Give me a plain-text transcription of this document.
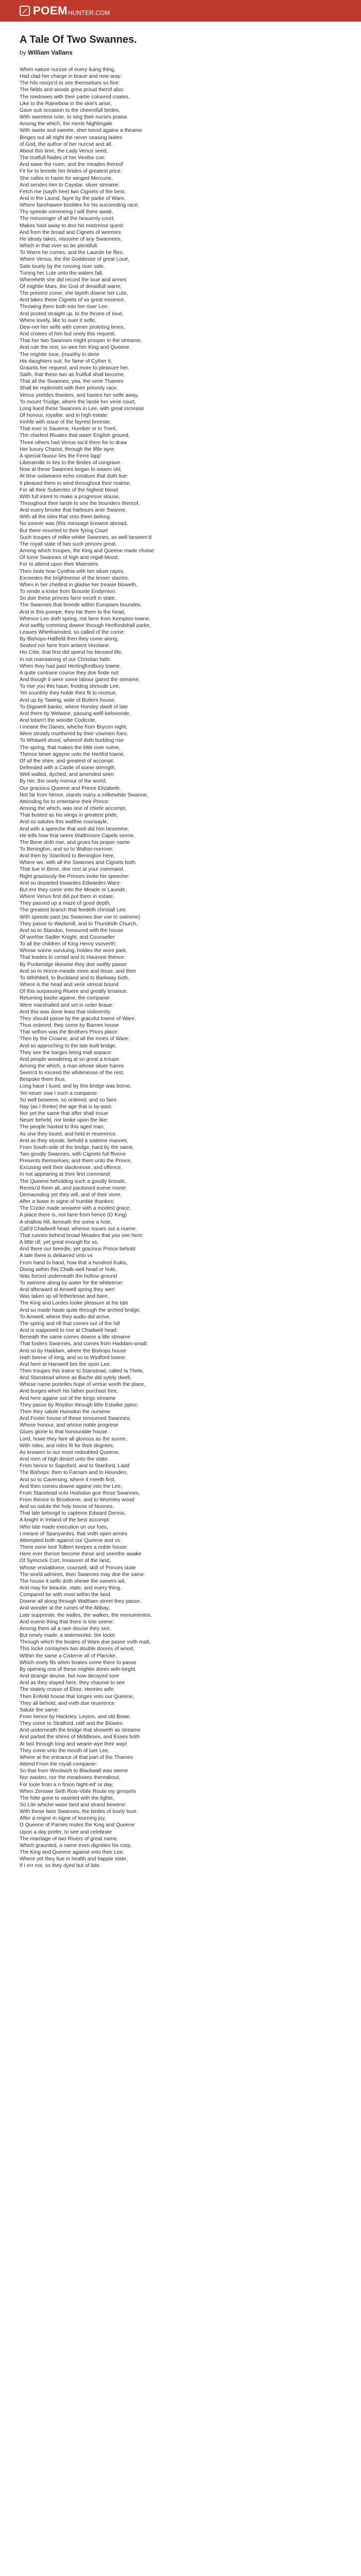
POEM HUNTER.COM
A Tale Of Two Swannes.
by William Vallans
When nature nursse of euery liuing thing,
Had clad her charge in braue and new aray:
The hils reioys'd to see themselues so fine:
The fields and woods grew proud therof also:
The medowes with their partie coloured coates,
Like to the Rainebow in the skie's arise,
Gave suit occasion to the cheerefull birdes,
With sweetest note, to sing their nurses praise.
Among the which, the merie Nightingale
With swete and sweete, sher tonnd againe a theame
Binges out all night the never ceasing laides
of God, the author of her nurcse and all.
About this time, the Lady Venus seed,
The truitfull Nailes of her Vesthe cue:
And sawe the riuen, and the meades thereof
Fit for to breede her brides of greatest price.
She calles in haste for winged Mercurie,
And sendes him to Caystar, siluer streame:
Fetch me (sayth hee) two Cignets of the best,
And in the Laund, fayre by the parke of Ware,
Where fairehawee booldes for his succeeding race,
Thy speede commeing I will there await,
The messenger of all the heauenly court,
Makes hast away to doo his mistresse quest:
And from the broad and Cignets of weemes
He ideaty takes, nisoome of any Swannees,
Which in that river so be plentifull.
To Warre he comes, and the Launde he flies,
Where Venus, the the Goddesse of great Loue,
Sate louely by the running riuer side,
Tuning her Lute unto the waters fall,
Whereheth she did record the loue and armes
Of mightie Mars, the God of dreadfull warre,
The present come, she layeth downe her Lute,
And takes these Cignets of so great essence,
Throwing them both into her riuer Lee:
And posted straight up, to the throne of Ioue,
Where lovely, like to ouer it selfe,
Dew-net her selfe with corner proleting times,
And crowes of him but onely this request,
That her two Swannes might prosper in the streame,
And rule the rest, so wee her King and Queene.
The mightie Ioue, (muethy in derie
His daughters suit, for fame of Cyther it,
Graunts her request; and more to pleasure her,
Saith, that these two as fruitfull shall become,
That all the Swannes, yea, the verie Thames
Shall be replenisht with their princely race.
Venus yeeldes thankes, and hastes her selfe away,
To mount Trudge, where the lande her verie court,
Long liued these Swannes in Lee, with great increase
Of honour, royaltie, and in high estate:
Innhfe with issue of the fayrest breeste,
That ever in Sauerne, Humber or in Trent,
The chiefest Riuales that water English ground,
Three others had Venus six'd them for to draw
Her luxury Chariot, through the liftle ayre.
A special fauour lies the Ferre lapp'
Liberamille to lies to the Brides of congrave.
Now at these Swannes began to waxen old,
At time outweares echo creature that doth liue:
It pleased them to wind throughout their realme,
For all their Subiectes of the highest blood.
With full intent to make a progresse slouse,
Throughout their lande to see the bounders thereof,
And euery brooke that harbours anie Swanne,
With all the isles that vnto them belong.
No sooner was (this message knowne abroad,
But there resorted to their fyring Court
Such troupes of milke-whitie Swannes, as well beseem'd
The royall state of two such princes great.
Among which troupes, the King and Queene made choise
Of tome Swannes of high and regall blood,
For to attend upon their Maiesties.
Then loote how Cynthia with her siluer rayes,
Exceedes the brightnesse of the lesser starres,
When in her cheifest in gladse her treasie bloweth,
To rende a knise from Brounte Endymion:
So doe these princes farre excell in state,
The Swannes that breede within Europaes boundes:
And in this pompe, they hie them to the head,
Whence Lee doth spring, not farre from Kempton towne,
And swiftly comming downe through Hertfordshall parke,
Leaues Whethamsted, so called of the corne:
By Bishops-Hatfield then they come along,
Seated not farre from antient Verolane:
His Citie, that first did spend his blessed life,
In not maintaining of our Christian faith:
When they had past Hertingfordbury towne,
A quite contrarie course they doe finde out:
And though it were some labour gainst the streame,
To rise you this haue, fnoding shroude Lee,
Yet sounthly they holde their fit to receiue,
And up by Tawing, wide of Butlers house,
To Digswell banke, where Horsley dwelt of late
And there by Welwine, passing welll belovende,
And totam't the woodie Codicote,
I meane the Danes, whiche from Brycen night,
Were strowly murthered by their vowmen foes:
To Whitwell shoot, whereof doth burbling rise
The spring, that makes the little river ruime,
Thence bewe agayne unto the Hertfrd towne,
Of all the shire, and greatest of accompt:
Defended with a Castle of some strength,
Well walled, dyched, and amended seen
By her, the onely mirrour of the world,
Our gracious Queene and Prince Elizabeth.
Not far from hence, standv many a milkewhite Swanne,
Attending for to entertaine their Prince:
Among the which, was one of chiefe accompt,
That busted as his wings in greatest pride,
And so salutes this watthie counsayle,
And with a speeche that well did him beseeme,
He tells how that neere Walthmore Capels seene,
The Bene doth rise, and grues his proper name
To Benington, and so to Walton-nurrove:
And then by Stamford to Benington here,
Where we, with all the Swannes and Cignets both,
That liue in Bene, doe rest at your command.
Right graciously the Princes invite his speeche:
And so departed towardes Edwardes Ware:
But ere they come vnto the Meade or Launde,
Where Venus first did put them in estate,
They passed up a maze of good depth,
The greatest branch that feedeth christall Lee:
With speede past (as Swannes doe vse to swimme)
They passe to Wadsmill, and to Thundridh Church,
And so to Standon, honoured with the house
Of worthie Sadler Knight, and Counseller
To all the children of King Henry vsoverth:
Whose sonne surviuing, holdes the wore park,
That leades to certad and to Haurone thence:
By Puckeridge likewise they doe swiftly passe:
And so to Horne-meade more and lesse, and then
To Whithbell, to Buckland and to Barkway both,
Where is the head and verie utmost bound
Of this surpassing Riuere and greatly tenance.
Returning backe againe, the companie
Were marshalled and set in order braue:
And this was done least that violorently
They should passe by the gracelul towne of Ware.
Thus ordered, they come by Barnes house
That selfom was the Brothers Priors place:
Then by the Crowne, and all the Innes of Ware:
And so approching to the late built bridge,
They see the barges lieing mall aspace:
And people wondering at so great a troupe:
Among the which, a man whose siluer haires
Seem'd to exceed the whitenesse of the rest,
Bespoke them thus.
Long haue I liued, and by this bridge was borne,
Yet neuer saw I such a companie:
So well beseene, so ordered, and so faire.
Nay (as I thinke) the age that is by-past,
Nor yet the same that after shall insue
Neuer beheld, nor looke upon the like:
The people hasted to this aged man,
As one they loued, and held in reuerence.
And as they stoode, behold a sodeine manner,
From South-side of the bridge, hard by the same,
Two goodly Swannes, with Cignets full ffivene
Presents themselues, and them unto the Prince,
Excusing well their slacknesse, and offence,
In not appearing at their first command:
The Queene beholding such a goodly broode,
Receiu'd them all, and pardoned eueve mone:
Demaunding yet they will, and of their store.
After a bowe in signe of humble thankes:
The Cocke made answere with a modest grace,
A place there is, not farre from hence (O King)
A shallow hill, beneath the some a hole,
Call'd Chadwell head, whence issues out a riuerie,
That runnes behind broad Meades that you see here:
A little rill, yet great enough for vs,
And there our breedle, yet gracious Prince behold
A tale there is deliuered vnto vs
From hand to hand, how that a hundred Kukis,
Dixing within this Chalk-well head or hole,
Was forced underneath the hollow ground
To swimme along by water for the whiteerse:
And afterward at Amwell spring they wer!
Was taken vp all fetherlesse and bare.
The King and Lordes tooke pleasure at his tale
And so made haste quite through the arched bridge,
To Amwell, where they audio did arrive.
The spring and rill that comes out of the hill
And is supposed to rise at Chadwell head:
Beneath the same comes downe a litle streame
That fosters Swannes, and comes from Haddam-small:
And so by Haddam, where the Bishops house
Hath beene of long, and so to Wydford towne
And here at Hamwell lies the vpon Lee.
Then troupes this traine to Stanstead, called la Thele,
And Stanstead where as Bache did sytely dwell,
Whose name portelles hope of vertue worth the place,
And burges which his father purchast free,
And here againe out of the kings streame
They passe by Roydon through little Estwike ppinc:
Then they salute Hunsdon the nursene
And Foster house of these renoumed Swannes:
Whose honour, and whose noble progrese
Giues glorie to that honourable house.
Lord, howe they fare all glorious as the sunne,
With rides, and rides fit for their degrees,
As knowen to our most redoubted Queene,
And men of high desert unto the state:
From hence to Sapsford, and to Stanford, Ladd
The Bishops: then to Farnam and to Hounden,
And so to Caversing, where it meeth first,
And then comes downe againe into the Lee,
From Stanstead vnto Hodsdon goe these Swannes,
From thence to Broxborne, and to Wormley wood
And so salute the holy house of Nunnes,
That late belongd to capteine Edward Dennis,
A knight in Ireland of the best accompt:
Who late made execution on our foes,
I meane of Spanyardes, that vnith open armes
Attempted both against our Queene and vs:
There none lord Tolbert keepes a noble house:
Here ever thence become these and seeethe awake
Of Symcock Cort, treasorer of the land,
Whose vnstablome, counsell, skill of Princes state
The world admires, then Swannes may doe the same:
The house it selfe doth shewe the owners wit,
And may for beautie, state, and euery thing,
Compared be with most within the land.
Downe all along through Waltham street they passe,
And wonder at the ruines of the Abbay,
Late suppreste, the walles, the walkes, the monumentes,
And euerie thing that there is lote seene:
Among them all a rare deuise they see,
But newly made, a waterworke: the locke
Through which the boates of Ware doe passe vvith malt,
This locke contaynes two double doores of wood,
Within the same a Cisterne all of Plancke,
Which onely fils when boates come there to passe
By opening one of these mightie dores with-lorght,
And strange deuise, but now decayed sore
And as they stayed here, they chaunst to see
The stately crosse of Elnor, Henries wife:
Then Enfeild house that longes vnto our Queene,
They all behold, and vvith due reuerence
Salute the same:
From hence by Hackney, Leyton, and old Bowe,
They come to Stratford, ratif and the Blowes:
And underneath the bridge that showeth as streame
And parted the shires of Middlesex, and Essex both
At last through long and wearie wye their wayt
They come vnto the mouth of luer Lee,
Where at the entrance of that part of the Thames
Attend From the royall companie:
So that from Woolwich to Blackwall was seene
Nor wasten, nor the meadowes thereabout,
For loole from a n finion hight-ed' or day,
When Zenowe Seth Rois-Vbile Route my gmoyels
The fotte gone to oaseled with the lighte,
So Lite whiche wase land and strand bewene:
With these faire Swannes, the birdes of lourly loue.
After a reigne in signe of lourning joy,
O Queene of Parnes mutes the King and Queene
Upon a day prefer, to see and celebrate
The marriage of two Riuers of great name.
Which graunted, a name even dignities his corp,
The King and Queene against vnto their Lee:
Where yet they liue in health and happie state,
If I err not, so they dyed but of late.
